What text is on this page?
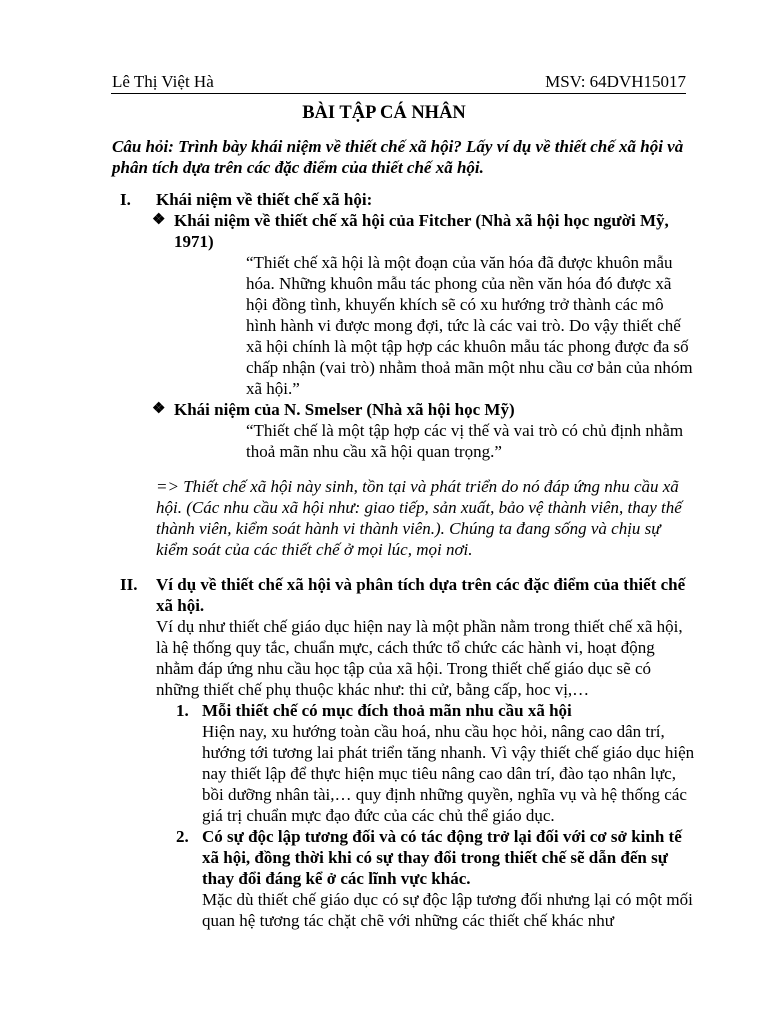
Lê Thị Việt Hà	MSV: 64DVH15017
BÀI TẬP CÁ NHÂN

Câu hỏi: Trình bày khái niệm về thiết chế xã hội? Lấy ví dụ về thiết chế xã hội và phân tích dựa trên các đặc điểm của thiết chế xã hội.

I.	Khái niệm về thiết chế xã hội:
❖ Khái niệm về thiết chế xã hội của Fitcher (Nhà xã hội học người Mỹ, 1971)

“Thiết chế xã hội là một đoạn của văn hóa đã được khuôn mẫu hóa. Những khuôn mẫu tác phong của nền văn hóa đó được xã hội đồng tình, khuyến khích sẽ có xu hướng trở thành các mô hình hành vi được mong đợi, tức là các vai trò. Do vậy thiết chế xã hội chính là một tập hợp các khuôn mẫu tác phong được đa số chấp nhận (vai trò) nhằm thoả mãn một nhu cầu cơ bản của nhóm xã hội.”

❖ Khái niệm của N. Smelser (Nhà xã hội học Mỹ)

“Thiết chế là một tập hợp các vị thế và vai trò có chủ định nhằm thoả mãn nhu cầu xã hội quan trọng.”

=> Thiết chế xã hội này sinh, tồn tại và phát triển do nó đáp ứng nhu cầu xã hội. (Các nhu cầu xã hội như: giao tiếp, sản xuất, bảo vệ thành viên, thay thế thành viên, kiểm soát hành vi thành viên.). Chúng ta đang sống và chịu sự kiểm soát của các thiết chế ở mọi lúc, mọi nơi.

II.	Ví dụ về thiết chế xã hội và phân tích dựa trên các đặc điểm của thiết chế xã hội.

Ví dụ như thiết chế giáo dục hiện nay là một phần nằm trong thiết chế xã hội, là hệ thống quy tắc, chuẩn mực, cách thức tổ chức các hành vi, hoạt động nhằm đáp ứng nhu cầu học tập của xã hội. Trong thiết chế giáo dục sẽ có những thiết chế phụ thuộc khác như: thi cử, bằng cấp, hoc vị,…

1. Mỗi thiết chế có mục đích thoả mãn nhu cầu xã hội

Hiện nay, xu hướng toàn cầu hoá, nhu cầu học hỏi, nâng cao dân trí, hướng tới tương lai phát triển tăng nhanh. Vì vậy thiết chế giáo dục hiện nay thiết lập để thực hiện mục tiêu nâng cao dân trí, đào tạo nhân lực, bồi dưỡng nhân tài,… quy định những quyền, nghĩa vụ và hệ thống các giá trị chuẩn mực đạo đức của các chủ thể giáo dục.

2. Có sự độc lập tương đối và có tác động trở lại đối với cơ sở kinh tế xã hội, đồng thời khi có sự thay đổi trong thiết chế sẽ dẫn đến sự thay đổi đáng kể ở các lĩnh vực khác.

Mặc dù thiết chế giáo dục có sự độc lập tương đối nhưng lại có một mối quan hệ tương tác chặt chẽ với những các thiết chế khác như
